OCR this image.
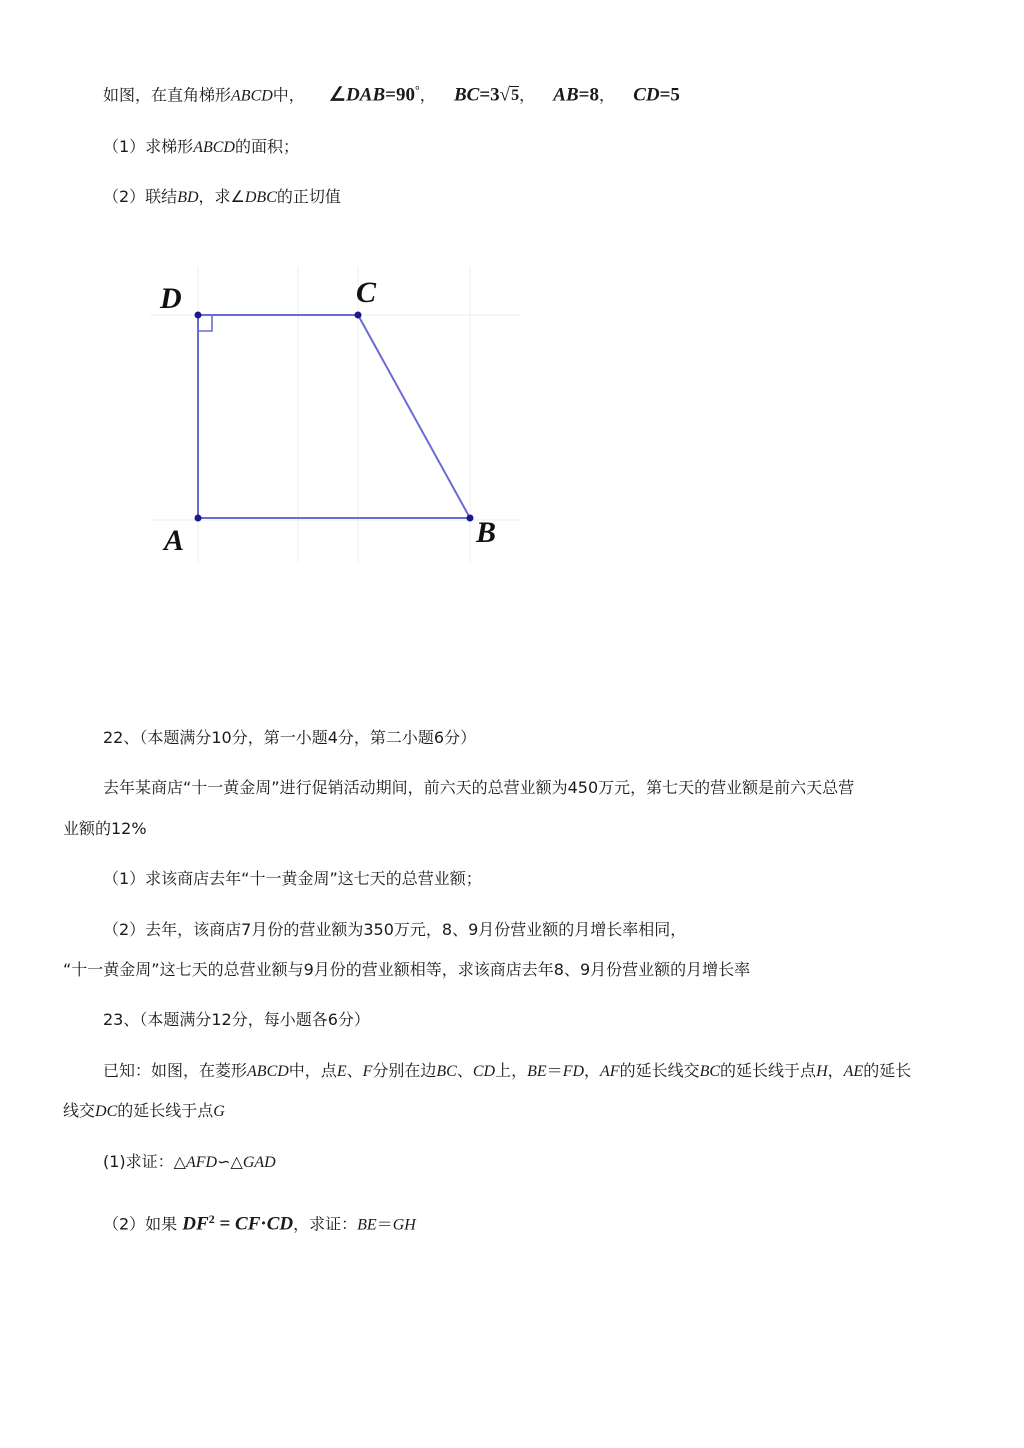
如图，在直角梯形ABCD中， ∠DAB=90°， BC=3√5， AB=8， CD=5
（1）求梯形ABCD的面积；
（2）联结BD，求∠DBC的正切值
D	C
A	B
22、（本题满分10分，第一小题4分，第二小题6分）
去年某商店“十一黄金周”进行促销活动期间，前六天的总营业额为450万元，第七天的营业额是前六天总营
业额的12%
（1）求该商店去年“十一黄金周”这七天的总营业额；
（2）去年，该商店7月份的营业额为350万元，8、9月份营业额的月增长率相同，
“十一黄金周”这七天的总营业额与9月份的营业额相等，求该商店去年8、9月份营业额的月增长率
23、（本题满分12分，每小题各6分）
已知：如图，在菱形ABCD中，点E、F分别在边BC、CD上，BE＝FD，AF的延长线交BC的延长线于点H，AE的延长
线交DC的延长线于点G
(1)求证：△AFD∽△GAD
（2）如果 $DF^2 = CF\cdot CD$，求证：BE＝GH
